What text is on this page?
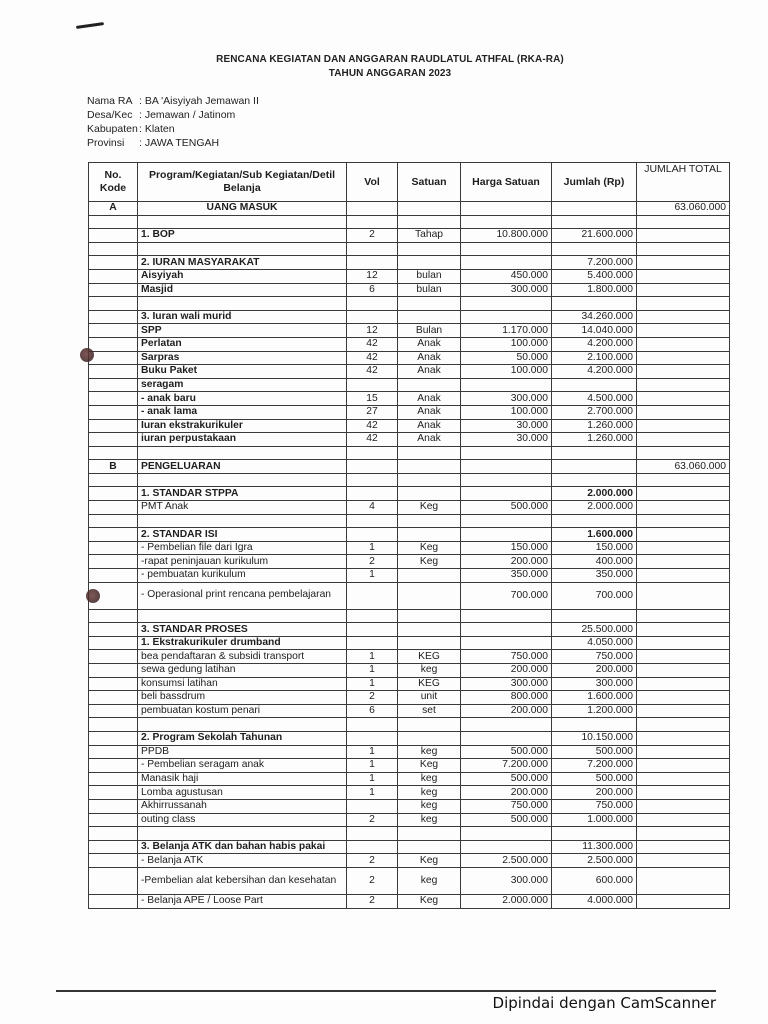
RENCANA KEGIATAN DAN ANGGARAN RAUDLATUL ATHFAL (RKA-RA)
TAHUN ANGGARAN 2023
Nama RA : BA 'Aisyiyah Jemawan II
Desa/Kec : Jemawan / Jatinom
Kabupaten : Klaten
Provinsi	: JAWA TENGAH
No. Kode	Program/Kegiatan/Sub Kegiatan/Detil Belanja	Vol	Satuan	Harga Satuan	Jumlah (Rp)	JUMLAH TOTAL
A	UANG MASUK					63.060.000

	1. BOP	2	Tahap	10.800.000	21.600.000	

	2. IURAN MASYARAKAT				7.200.000	
	Aisyiyah	12	bulan	450.000	5.400.000	
	Masjid	6	bulan	300.000	1.800.000	

	3. Iuran wali murid				34.260.000	
	SPP	12	Bulan	1.170.000	14.040.000	
	Perlatan	42	Anak	100.000	4.200.000	
	Sarpras	42	Anak	50.000	2.100.000	
	Buku Paket	42	Anak	100.000	4.200.000	
	seragam					
	- anak baru	15	Anak	300.000	4.500.000	
	- anak lama	27	Anak	100.000	2.700.000	
	Iuran ekstrakurikuler	42	Anak	30.000	1.260.000	
	iuran perpustakaan	42	Anak	30.000	1.260.000	

B	PENGELUARAN					63.060.000

	1. STANDAR STPPA				2.000.000	
	PMT Anak	4	Keg	500.000	2.000.000	

	2. STANDAR ISI				1.600.000	
	- Pembelian file dari Igra	1	Keg	150.000	150.000	
	-rapat peninjauan kurikulum	2	Keg	200.000	400.000	
	- pembuatan kurikulum	1		350.000	350.000	
	- Operasional print rencana pembelajaran			700.000	700.000	

	3. STANDAR PROSES				25.500.000	
	1. Ekstrakurikuler drumband				4.050.000	
	bea pendaftaran & subsidi transport	1	KEG	750.000	750.000	
	sewa gedung latihan	1	keg	200.000	200.000	
	konsumsi latihan	1	KEG	300.000	300.000	
	beli bassdrum	2	unit	800.000	1.600.000	
	pembuatan kostum penari	6	set	200.000	1.200.000	

	2. Program Sekolah Tahunan				10.150.000	
	PPDB	1	keg	500.000	500.000	
	- Pembelian seragam anak	1	Keg	7.200.000	7.200.000	
	Manasik haji	1	keg	500.000	500.000	
	Lomba agustusan	1	keg	200.000	200.000	
	Akhirrussanah		keg	750.000	750.000	
	outing class	2	keg	500.000	1.000.000	

	3. Belanja ATK dan bahan habis pakai				11.300.000	
	- Belanja ATK	2	Keg	2.500.000	2.500.000	
	-Pembelian alat kebersihan dan kesehatan	2	keg	300.000	600.000	
	- Belanja APE / Loose Part	2	Keg	2.000.000	4.000.000	
Dipindai dengan CamScanner
